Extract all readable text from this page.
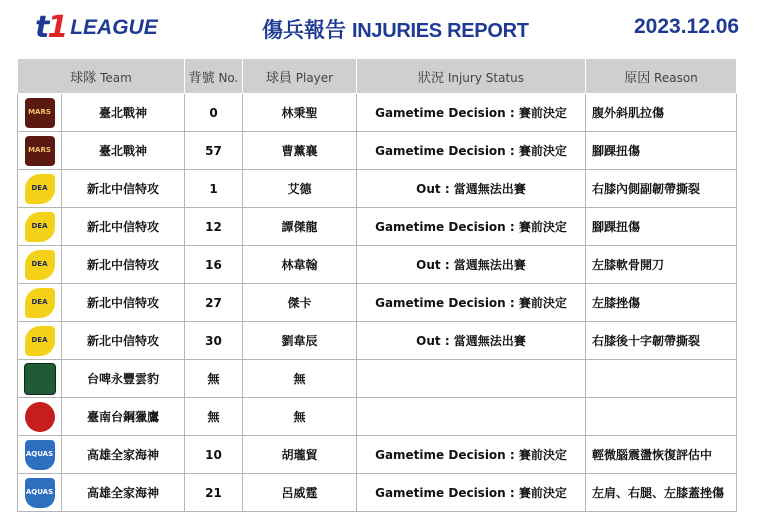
t1 LEAGUE	傷兵報告 INJURIES REPORT	2023.12.06
球隊 Team		背號 No.	球員 Player	狀況 Injury Status	原因 Reason

MARS	臺北戰神	0	林秉聖	Gametime Decision : 賽前決定	腹外斜肌拉傷

MARS	臺北戰神	57	曹薰襄	Gametime Decision : 賽前決定	腳踝扭傷

DEA	新北中信特攻	1	艾德	Out : 當週無法出賽	右膝內側副韌帶撕裂

DEA	新北中信特攻	12	譚傑龍	Gametime Decision : 賽前決定	腳踝扭傷

DEA	新北中信特攻	16	林韋翰	Out : 當週無法出賽	左膝軟骨開刀

DEA	新北中信特攻	27	傑卡	Gametime Decision : 賽前決定	左膝挫傷

DEA	新北中信特攻	30	劉韋辰	Out : 當週無法出賽	右膝後十字韌帶撕裂

	台啤永豐雲豹	無	無		

	臺南台鋼獵鷹	無	無		

AQUAS	高雄全家海神	10	胡瓏貿	Gametime Decision : 賽前決定	輕微腦震盪恢復評估中

AQUAS	高雄全家海神	21	呂威霆	Gametime Decision : 賽前決定	左肩、右腿、左膝蓋挫傷
